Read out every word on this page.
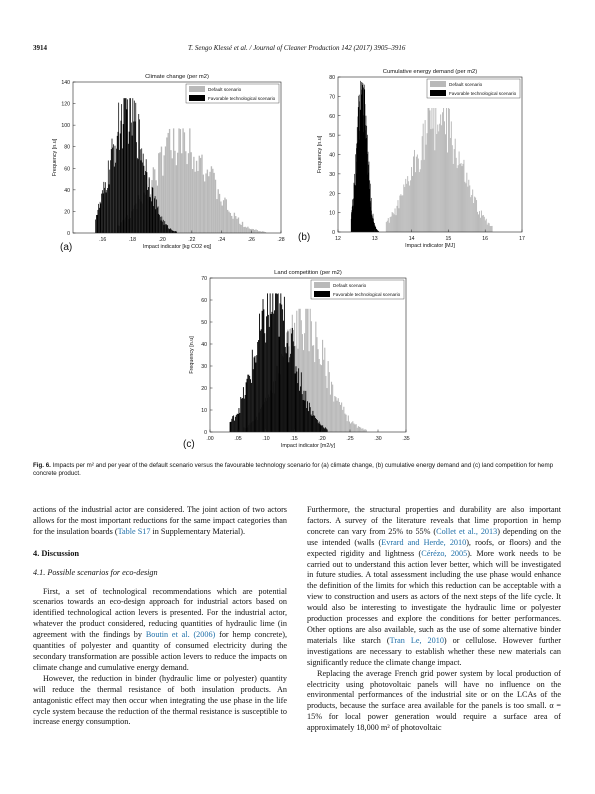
3914	T. Sengo Klessé et al. / Journal of Cleaner Production 142 (2017) 3905–3916
.16	.18	.20	.22	.24	.26	.28
0
20
40
60
80
100
120
140
Climate change (per m2)
Impact indicator [kg CO2 eq]
Frequency [n.u]
(a)
Default scenario
Favorable technological scenario
12	13	14	15	16	17
0
10
20
30
40
50
60
70
80
Cumulative energy demand (per m2)
Impact indicator [MJ]
Frequency [n.u]
(b)
Default scenario
Favorable technological scenario
.00	.05	.10	.15	.20	.25	.30	.35
0
10
20
30
40
50
60
70
Land competition (per m2)
Impact indicator [m2/y]
Frequency [n.u]
(c)
Default scenario
Favorable technological scenario
Fig. 6. Impacts per m² and per year of the default scenario versus the favourable technology scenario for (a) climate change, (b) cumulative energy demand and (c) land competition for hemp concrete product.

actions of the industrial actor are considered. The joint action of two actors allows for the most important reductions for the same impact categories than for the insulation boards (Table S17 in Supplementary Material).

4. Discussion
4.1. Possible scenarios for eco-design

First, a set of technological recommendations which are potential scenarios towards an eco-design approach for industrial actors based on identified technological action levers is presented. For the industrial actor, whatever the product considered, reducing quantities of hydraulic lime (in agreement with the findings by Boutin et al. (2006) for hemp concrete), quantities of polyester and quantity of consumed electricity during the secondary transformation are possible action levers to reduce the impacts on climate change and cumulative energy demand.

However, the reduction in binder (hydraulic lime or polyester) quantity will reduce the thermal resistance of both insulation products. An antagonistic effect may then occur when integrating the use phase in the life cycle system because the reduction of the thermal resistance is susceptible to increase energy consumption.

Furthermore, the structural properties and durability are also important factors. A survey of the literature reveals that lime proportion in hemp concrete can vary from 25% to 55% (Collet et al., 2013) depending on the use intended (walls (Evrard and Herde, 2010), roofs, or floors) and the expected rigidity and lightness (Cérézo, 2005). More work needs to be carried out to understand this action lever better, which will be investigated in future studies. A total assessment including the use phase would enhance the definition of the limits for which this reduction can be acceptable with a view to construction and users as actors of the next steps of the life cycle. It would also be interesting to investigate the hydraulic lime or polyester production processes and explore the conditions for better performances. Other options are also available, such as the use of some alternative binder materials like starch (Tran Le, 2010) or cellulose. However further investigations are necessary to establish whether these new materials can significantly reduce the climate change impact.

Replacing the average French grid power system by local production of electricity using photovoltaic panels will have no influence on the environmental performances of the industrial site or on the LCAs of the products, because the surface area available for the panels is too small. α = 15% for local power generation would require a surface area of approximately 18,000 m² of photovoltaic
